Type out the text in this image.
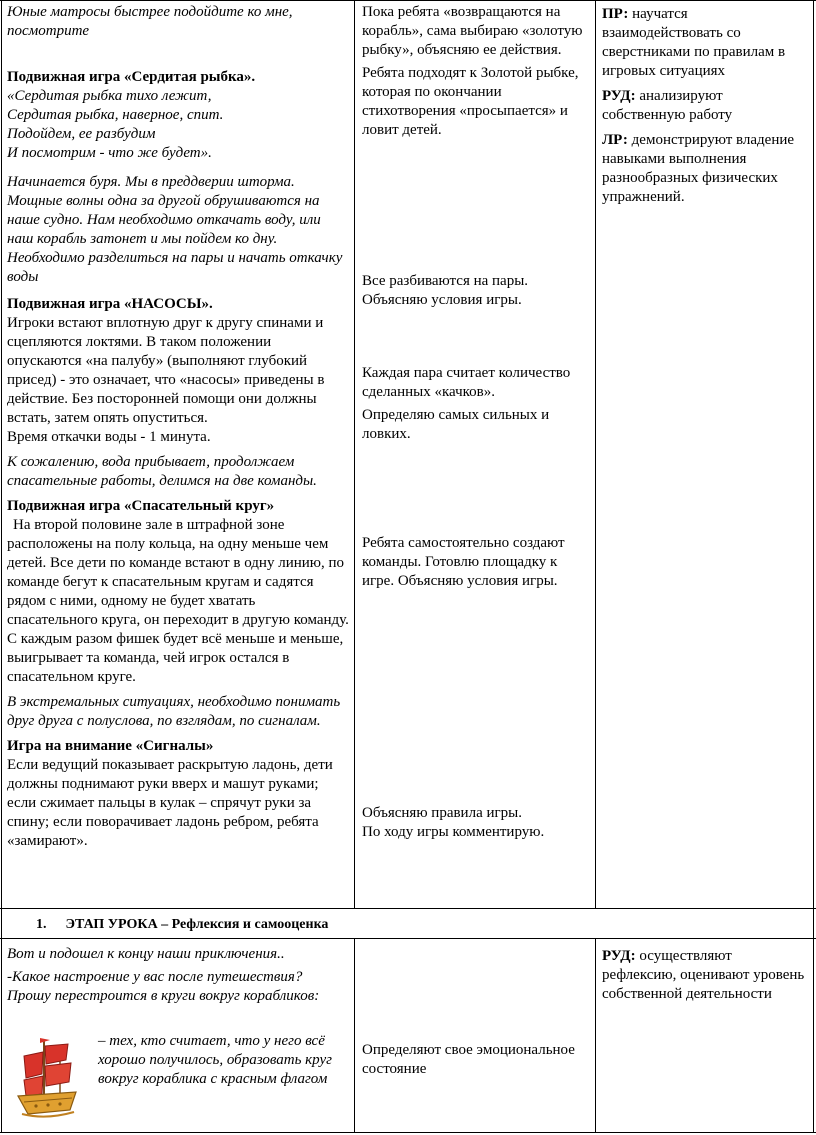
Юные матросы быстрее подойдите ко мне, посмотрите

Подвижная игра «Сердитая рыбка».

«Сердитая рыбка тихо лежит,

Сердитая рыбка, наверное, спит.

Подойдем, ее разбудим

И посмотрим - что же будет».

Начинается буря. Мы в преддверии шторма. Мощные волны одна за другой обрушиваются на наше судно. Нам необходимо откачать воду, или наш корабль затонет и мы пойдем ко дну. Необходимо разделиться на пары и начать откачку воды

Подвижная игра «НАСОСЫ».

Игроки встают вплотную друг к другу спинами и сцепляются локтями. В таком положении опускаются «на палубу» (выполняют глубокий присед) - это означает, что «насосы» приведены в действие. Без посторонней помощи они должны встать, затем опять опуститься.

Время откачки воды - 1 минута.

К сожалению, вода прибывает, продолжаем спасательные работы, делимся на две команды.

Подвижная игра «Спасательный круг»

На второй половине зале в штрафной зоне расположены на полу кольца, на одну меньше чем детей. Все дети по команде встают в одну линию, по команде бегут к спасательным кругам и садятся рядом с ними, одному не будет хватать спасательного круга, он переходит в другую команду. С каждым разом фишек будет всё меньше и меньше, выигрывает та команда, чей игрок остался в спасательном круге.

В экстремальных ситуациях, необходимо понимать друг друга с полуслова, по взглядам, по сигналам.

Игра на внимание «Сигналы»

Если ведущий показывает раскрытую ладонь, дети должны поднимают руки вверх и машут руками; если сжимает пальцы в кулак – спрячут руки за спину; если поворачивает ладонь ребром, ребята «замирают».

Пока ребята «возвращаются на корабль», сама выбираю «золотую рыбку», объясняю ее действия.

Ребята подходят к Золотой рыбке, которая по окончании стихотворения «просыпается» и ловит детей.

Все разбиваются на пары. Объясняю условия игры.

Каждая пара считает количество сделанных «качков».

Определяю самых сильных и ловких.

Ребята самостоятельно создают команды. Готовлю площадку к игре. Объясняю условия игры.

Объясняю правила игры.

По ходу игры комментирую.

ПР: научатся взаимодействовать со сверстниками по правилам в игровых ситуациях

РУД: анализируют собственную работу

ЛР: демонстрируют владение навыками выполнения разнообразных физических упражнений.

1. ЭТАП УРОКА – Рефлексия и самооценка

Вот и подошел к концу наши приключения..

-Какое настроение у вас после путешествия? Прошу перестроится в круги вокруг корабликов:

– тех, кто считает, что у него всё хорошо получилось, образовать круг вокруг кораблика с красным флагом

Определяют свое эмоциональное состояние

РУД: осуществляют рефлексию, оценивают уровень собственной деятельности
